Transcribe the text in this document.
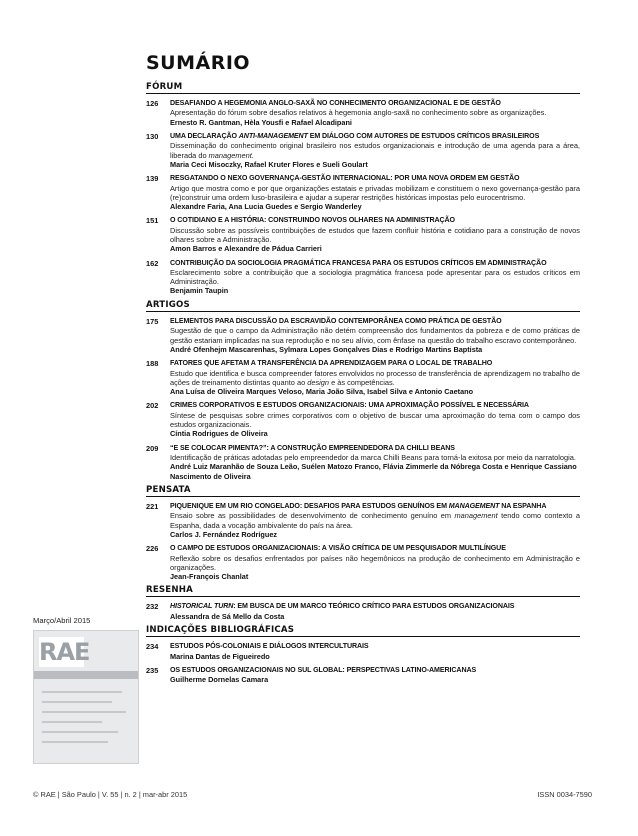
SUMÁRIO
FÓRUM
126	DESAFIANDO A HEGEMONIA ANGLO-SAXÃ NO CONHECIMENTO ORGANIZACIONAL E DE GESTÃO
Apresentação do fórum sobre desafios relativos à hegemonia anglo-saxã no conhecimento sobre as organizações.
Ernesto R. Gantman, Hèla Yousfi e Rafael Alcadipani
130	UMA DECLARAÇÃO ANTI-MANAGEMENT EM DIÁLOGO COM AUTORES DE ESTUDOS CRÍTICOS BRASILEIROS
Disseminação do conhecimento original brasileiro nos estudos organizacionais e introdução de uma agenda para a área, liberada do management.
Maria Ceci Misoczky, Rafael Kruter Flores e Sueli Goulart
139	RESGATANDO O NEXO GOVERNANÇA-GESTÃO INTERNACIONAL: POR UMA NOVA ORDEM EM GESTÃO
Artigo que mostra como e por que organizações estatais e privadas mobilizam e constituem o nexo governança-gestão para (re)construir uma ordem luso-brasileira e ajudar a superar restrições históricas impostas pelo eurocentrismo.
Alexandre Faria, Ana Lucia Guedes e Sergio Wanderley
151	O COTIDIANO E A HISTÓRIA: CONSTRUINDO NOVOS OLHARES NA ADMINISTRAÇÃO
Discussão sobre as possíveis contribuições de estudos que fazem confluir história e cotidiano para a construção de novos olhares sobre a Administração.
Amon Barros e Alexandre de Pádua Carrieri
162	CONTRIBUIÇÃO DA SOCIOLOGIA PRAGMÁTICA FRANCESA PARA OS ESTUDOS CRÍTICOS EM ADMINISTRAÇÃO
Esclarecimento sobre a contribuição que a sociologia pragmática francesa pode apresentar para os estudos críticos em Administração.
Benjamin Taupin
ARTIGOS
175	ELEMENTOS PARA DISCUSSÃO DA ESCRAVIDÃO CONTEMPORÂNEA COMO PRÁTICA DE GESTÃO
Sugestão de que o campo da Administração não detém compreensão dos fundamentos da pobreza e de como práticas de gestão estariam implicadas na sua reprodução e no seu alívio, com ênfase na questão do trabalho escravo contemporâneo.
André Ofenhejm Mascarenhas, Sylmara Lopes Gonçalves Dias e Rodrigo Martins Baptista
188	FATORES QUE AFETAM A TRANSFERÊNCIA DA APRENDIZAGEM PARA O LOCAL DE TRABALHO
Estudo que identifica e busca compreender fatores envolvidos no processo de transferência de aprendizagem no trabalho de ações de treinamento distintas quanto ao design e às competências.
Ana Luísa de Oliveira Marques Veloso, Maria João Silva, Isabel Silva e Antonio Caetano
202	CRIMES CORPORATIVOS E ESTUDOS ORGANIZACIONAIS: UMA APROXIMAÇÃO POSSÍVEL E NECESSÁRIA
Síntese de pesquisas sobre crimes corporativos com o objetivo de buscar uma aproximação do tema com o campo dos estudos organizacionais.
Cíntia Rodrigues de Oliveira
209	“E SE COLOCAR PIMENTA?”: A CONSTRUÇÃO EMPREENDEDORA DA CHILLI BEANS
Identificação de práticas adotadas pelo empreendedor da marca Chilli Beans para torná-la exitosa por meio da narratologia.
André Luiz Maranhão de Souza Leão, Suélen Matozo Franco, Flávia Zimmerle da Nóbrega Costa e Henrique Cassiano Nascimento de Oliveira
PENSATA
221	PIQUENIQUE EM UM RIO CONGELADO: DESAFIOS PARA ESTUDOS GENUÍNOS EM MANAGEMENT NA ESPANHA
Ensaio sobre as possibilidades de desenvolvimento de conhecimento genuíno em management tendo como contexto a Espanha, dada a vocação ambivalente do país na área.
Carlos J. Fernández Rodríguez
226	O CAMPO DE ESTUDOS ORGANIZACIONAIS: A VISÃO CRÍTICA DE UM PESQUISADOR MULTILÍNGUE
Reflexão sobre os desafios enfrentados por países não hegemônicos na produção de conhecimento em Administração e organizações.
Jean-François Chanlat
RESENHA
232	HISTORICAL TURN: EM BUSCA DE UM MARCO TEÓRICO CRÍTICO PARA ESTUDOS ORGANIZACIONAIS
Alessandra de Sá Mello da Costa
INDICAÇÕES BIBLIOGRÁFICAS
234	ESTUDOS PÓS-COLONIAIS E DIÁLOGOS INTERCULTURAIS
Marina Dantas de Figueiredo
235	OS ESTUDOS ORGANIZACIONAIS NO SUL GLOBAL: PERSPECTIVAS LATINO-AMERICANAS
Guilherme Dornelas Camara
Março/Abril 2015
RAE
© RAE | São Paulo | V. 55 | n. 2 | mar-abr 2015	ISSN 0034-7590
